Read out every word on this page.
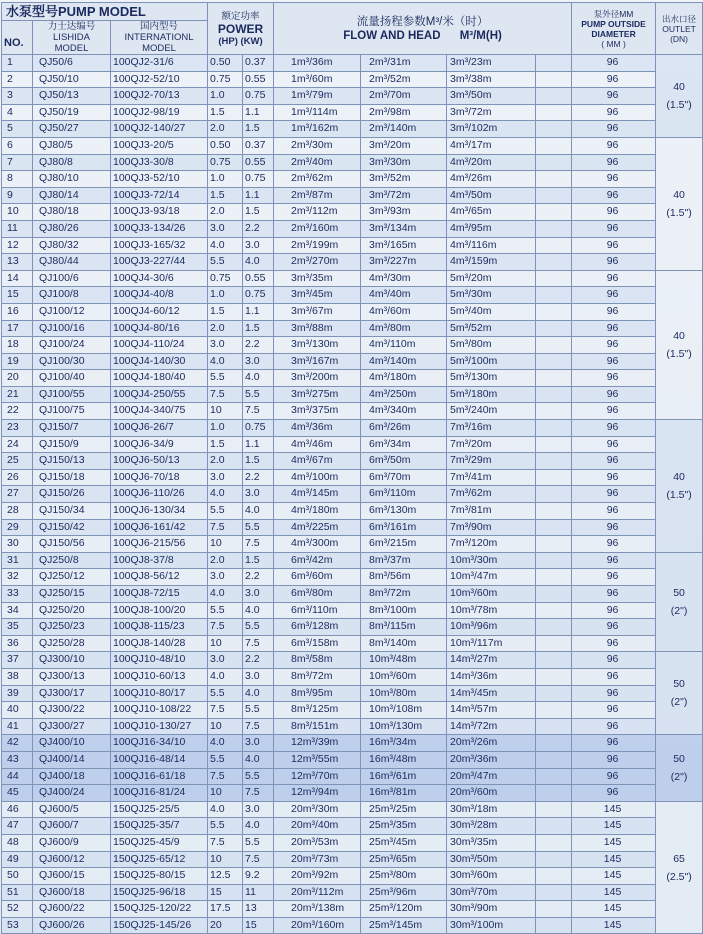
水泵型号PUMP MODEL			额定功率
POWER
(HP) (KW)		流量扬程参数M³/米（时）
FLOW AND HEAD M³/M(H)				泵外径MM
PUMP OUTSIDE
DIAMETER
( MM )	出水口径
OUTLET
(DN)

NO.	力士达编号
LISHIDA
MODEL	国内型号
INTERNATIONL
MODEL								

1	QJ50/6	100QJ2-31/6	0.50	0.37	1m³/36m	2m³/31m	3m³/23m		96	40
(1.5")

2	QJ50/10	100QJ2-52/10	0.75	0.55	1m³/60m	2m³/52m	3m³/38m		96	
3	QJ50/13	100QJ2-70/13	1.0	0.75	1m³/79m	2m³/70m	3m³/50m		96	
4	QJ50/19	100QJ2-98/19	1.5	1.1	1m³/114m	2m³/98m	3m³/72m		96	
5	QJ50/27	100QJ2-140/27	2.0	1.5	1m³/162m	2m³/140m	3m³/102m		96	
6	QJ80/5	100QJ3-20/5	0.50	0.37	2m³/30m	3m³/20m	4m³/17m		96	40
(1.5")

7	QJ80/8	100QJ3-30/8	0.75	0.55	2m³/40m	3m³/30m	4m³/20m		96	
8	QJ80/10	100QJ3-52/10	1.0	0.75	2m³/62m	3m³/52m	4m³/26m		96	
9	QJ80/14	100QJ3-72/14	1.5	1.1	2m³/87m	3m³/72m	4m³/50m		96	
10	QJ80/18	100QJ3-93/18	2.0	1.5	2m³/112m	3m³/93m	4m³/65m		96	
11	QJ80/26	100QJ3-134/26	3.0	2.2	2m³/160m	3m³/134m	4m³/95m		96	
12	QJ80/32	100QJ3-165/32	4.0	3.0	2m³/199m	3m³/165m	4m³/116m		96	
13	QJ80/44	100QJ3-227/44	5.5	4.0	2m³/270m	3m³/227m	4m³/159m		96	
14	QJ100/6	100QJ4-30/6	0.75	0.55	3m³/35m	4m³/30m	5m³/20m		96	40
(1.5")

15	QJ100/8	100QJ4-40/8	1.0	0.75	3m³/45m	4m³/40m	5m³/30m		96	
16	QJ100/12	100QJ4-60/12	1.5	1.1	3m³/67m	4m³/60m	5m³/40m		96	
17	QJ100/16	100QJ4-80/16	2.0	1.5	3m³/88m	4m³/80m	5m³/52m		96	
18	QJ100/24	100QJ4-110/24	3.0	2.2	3m³/130m	4m³/110m	5m³/80m		96	
19	QJ100/30	100QJ4-140/30	4.0	3.0	3m³/167m	4m³/140m	5m³/100m		96	
20	QJ100/40	100QJ4-180/40	5.5	4.0	3m³/200m	4m³/180m	5m³/130m		96	
21	QJ100/55	100QJ4-250/55	7.5	5.5	3m³/275m	4m³/250m	5m³/180m		96	
22	QJ100/75	100QJ4-340/75	10	7.5	3m³/375m	4m³/340m	5m³/240m		96	
23	QJ150/7	100QJ6-26/7	1.0	0.75	4m³/36m	6m³/26m	7m³/16m		96	40
(1.5")

24	QJ150/9	100QJ6-34/9	1.5	1.1	4m³/46m	6m³/34m	7m³/20m		96	
25	QJ150/13	100QJ6-50/13	2.0	1.5	4m³/67m	6m³/50m	7m³/29m		96	
26	QJ150/18	100QJ6-70/18	3.0	2.2	4m³/100m	6m³/70m	7m³/41m		96	
27	QJ150/26	100QJ6-110/26	4.0	3.0	4m³/145m	6m³/110m	7m³/62m		96	
28	QJ150/34	100QJ6-130/34	5.5	4.0	4m³/180m	6m³/130m	7m³/81m		96	
29	QJ150/42	100QJ6-161/42	7.5	5.5	4m³/225m	6m³/161m	7m³/90m		96	
30	QJ150/56	100QJ6-215/56	10	7.5	4m³/300m	6m³/215m	7m³/120m		96	
31	QJ250/8	100QJ8-37/8	2.0	1.5	6m³/42m	8m³/37m	10m³/30m		96	50
(2")

32	QJ250/12	100QJ8-56/12	3.0	2.2	6m³/60m	8m³/56m	10m³/47m		96	
33	QJ250/15	100QJ8-72/15	4.0	3.0	6m³/80m	8m³/72m	10m³/60m		96	
34	QJ250/20	100QJ8-100/20	5.5	4.0	6m³/110m	8m³/100m	10m³/78m		96	
35	QJ250/23	100QJ8-115/23	7.5	5.5	6m³/128m	8m³/115m	10m³/96m		96	
36	QJ250/28	100QJ8-140/28	10	7.5	6m³/158m	8m³/140m	10m³/117m		96	
37	QJ300/10	100QJ10-48/10	3.0	2.2	8m³/58m	10m³/48m	14m³/27m		96	50
(2")

38	QJ300/13	100QJ10-60/13	4.0	3.0	8m³/72m	10m³/60m	14m³/36m		96	
39	QJ300/17	100QJ10-80/17	5.5	4.0	8m³/95m	10m³/80m	14m³/45m		96	
40	QJ300/22	100QJ10-108/22	7.5	5.5	8m³/125m	10m³/108m	14m³/57m		96	
41	QJ300/27	100QJ10-130/27	10	7.5	8m³/151m	10m³/130m	14m³/72m		96	
42	QJ400/10	100QJ16-34/10	4.0	3.0	12m³/39m	16m³/34m	20m³/26m		96	50
(2")

43	QJ400/14	100QJ16-48/14	5.5	4.0	12m³/55m	16m³/48m	20m³/36m		96	
44	QJ400/18	100QJ16-61/18	7.5	5.5	12m³/70m	16m³/61m	20m³/47m		96	
45	QJ400/24	100QJ16-81/24	10	7.5	12m³/94m	16m³/81m	20m³/60m		96	
46	QJ600/5	150QJ25-25/5	4.0	3.0	20m³/30m	25m³/25m	30m³/18m		145	65
(2.5")

47	QJ600/7	150QJ25-35/7	5.5	4.0	20m³/40m	25m³/35m	30m³/28m		145	
48	QJ600/9	150QJ25-45/9	7.5	5.5	20m³/53m	25m³/45m	30m³/35m		145	
49	QJ600/12	150QJ25-65/12	10	7.5	20m³/73m	25m³/65m	30m³/50m		145	
50	QJ600/15	150QJ25-80/15	12.5	9.2	20m³/92m	25m³/80m	30m³/60m		145	
51	QJ600/18	150QJ25-96/18	15	11	20m³/112m	25m³/96m	30m³/70m		145	
52	QJ600/22	150QJ25-120/22	17.5	13	20m³/138m	25m³/120m	30m³/90m		145	
53	QJ600/26	150QJ25-145/26	20	15	20m³/160m	25m³/145m	30m³/100m		145	
